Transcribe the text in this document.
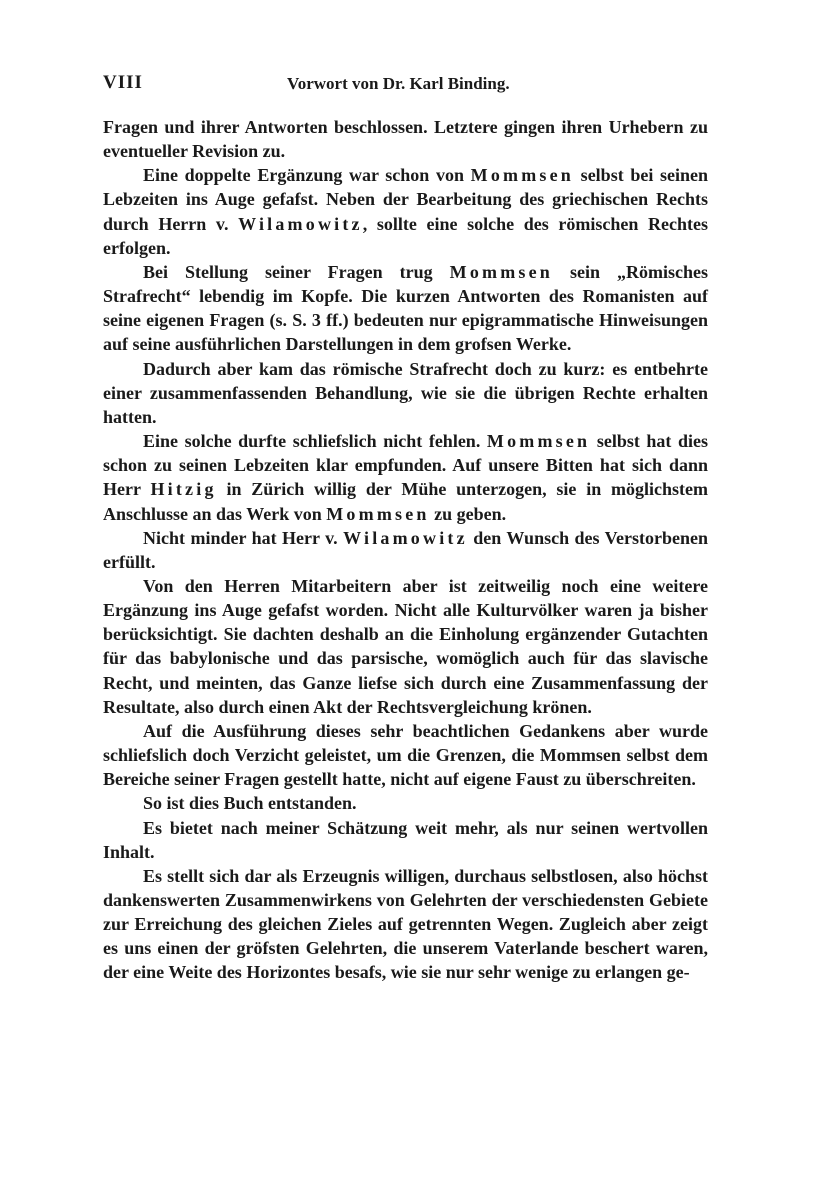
VIII	Vorwort von Dr. Karl Binding.

Fragen und ihrer Antworten beschlossen. Letztere gingen ihren Urhebern zu eventueller Revision zu.

Eine doppelte Ergänzung war schon von Mommsen selbst bei seinen Lebzeiten ins Auge gefafst. Neben der Bearbeitung des griechischen Rechts durch Herrn v. Wilamowitz, sollte eine solche des römischen Rechtes erfolgen.

Bei Stellung seiner Fragen trug Mommsen sein „Römisches Strafrecht“ lebendig im Kopfe. Die kurzen Antworten des Romanisten auf seine eigenen Fragen (s. S. 3 ff.) bedeuten nur epigrammatische Hinweisungen auf seine ausführlichen Darstellungen in dem grofsen Werke.

Dadurch aber kam das römische Strafrecht doch zu kurz: es entbehrte einer zusammenfassenden Behandlung, wie sie die übrigen Rechte erhalten hatten.

Eine solche durfte schliefslich nicht fehlen. Mommsen selbst hat dies schon zu seinen Lebzeiten klar empfunden. Auf unsere Bitten hat sich dann Herr Hitzig in Zürich willig der Mühe unterzogen, sie in möglichstem Anschlusse an das Werk von Mommsen zu geben.

Nicht minder hat Herr v. Wilamowitz den Wunsch des Verstorbenen erfüllt.

Von den Herren Mitarbeitern aber ist zeitweilig noch eine weitere Ergänzung ins Auge gefafst worden. Nicht alle Kulturvölker waren ja bisher berücksichtigt. Sie dachten deshalb an die Einholung ergänzender Gutachten für das babylonische und das parsische, womöglich auch für das slavische Recht, und meinten, das Ganze liefse sich durch eine Zusammenfassung der Resultate, also durch einen Akt der Rechtsvergleichung krönen.

Auf die Ausführung dieses sehr beachtlichen Gedankens aber wurde schliefslich doch Verzicht geleistet, um die Grenzen, die Mommsen selbst dem Bereiche seiner Fragen gestellt hatte, nicht auf eigene Faust zu überschreiten.

So ist dies Buch entstanden.

Es bietet nach meiner Schätzung weit mehr, als nur seinen wertvollen Inhalt.

Es stellt sich dar als Erzeugnis willigen, durchaus selbstlosen, also höchst dankenswerten Zusammenwirkens von Gelehrten der verschiedensten Gebiete zur Erreichung des gleichen Zieles auf getrennten Wegen. Zugleich aber zeigt es uns einen der gröfsten Gelehrten, die unserem Vaterlande beschert waren, der eine Weite des Horizontes besafs, wie sie nur sehr wenige zu erlangen ge-
